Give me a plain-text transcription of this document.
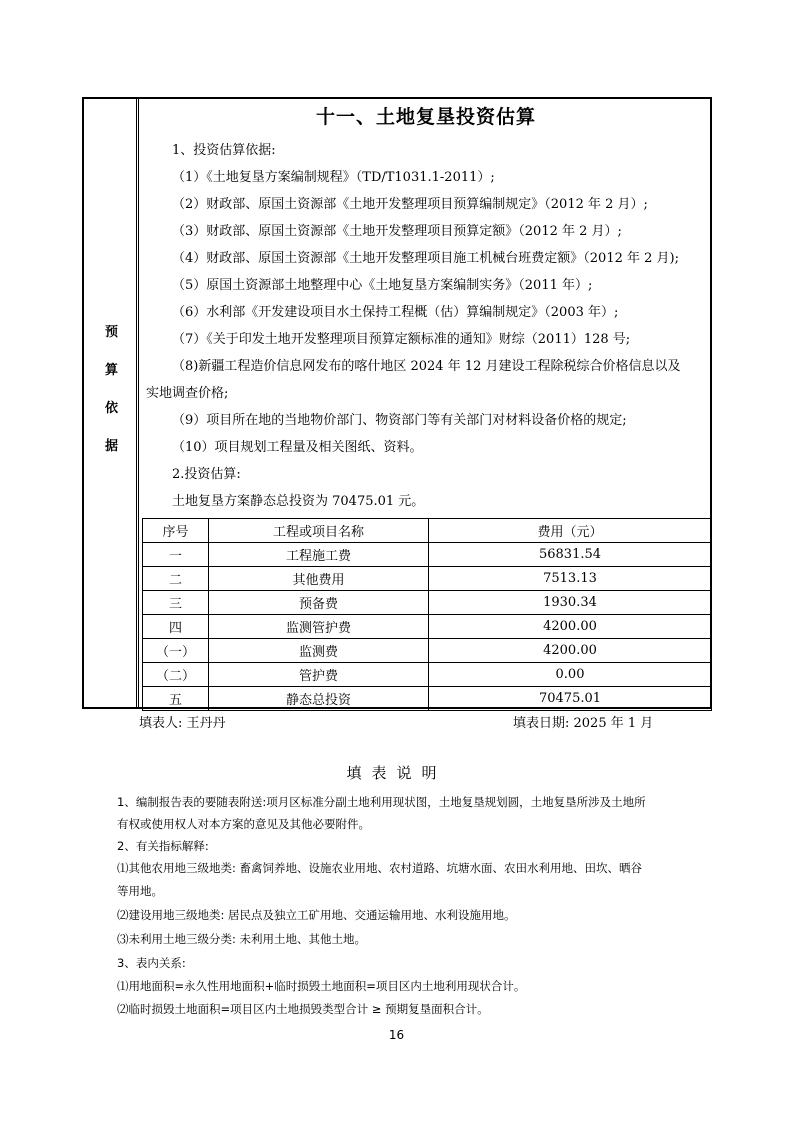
预
算
依
据
十一、土地复垦投资估算
1、投资估算依据:
（1）《土地复垦方案编制规程》（TD/T1031.1-2011）;
（2）财政部、原国土资源部《土地开发整理项目预算编制规定》（2012 年 2 月）;
（3）财政部、原国土资源部《土地开发整理项目预算定额》（2012 年 2 月）;
（4）财政部、原国土资源部《土地开发整理项目施工机械台班费定额》（2012 年 2 月);
（5）原国土资源部土地整理中心《土地复垦方案编制实务》（2011 年）;
（6）水利部《开发建设项目水土保持工程概（估）算编制规定》（2003 年）;
（7）《关于印发土地开发整理项目预算定额标准的通知》财综（2011）128 号;
（8)新疆工程造价信息网发布的喀什地区 2024 年 12 月建设工程除税综合价格信息以及
实地调查价格;
（9）项目所在地的当地物价部门、物资部门等有关部门对材料设备价格的规定;
（10）项目规划工程量及相关图纸、资料。
2.投资估算:
土地复垦方案静态总投资为 70475.01 元。
序号	工程或项目名称	费用（元）
一	工程施工费	56831.54
二	其他费用	7513.13
三	预备费	1930.34
四	监测管护费	4200.00
（一）	监测费	4200.00
（二）	管护费	0.00
五	静态总投资	70475.01
填表人: 王丹丹	填表日期: 2025 年 1 月
填表说明
1、编制报告表的要随表附送:项月区标准分副土地利用现状图，土地复垦规划圆，土地复垦所涉及土地所
有权或使用权人对本方案的意见及其他必要附件。
2、有关指标解释:
⑴其他农用地三级地类: 畜禽饲养地、设施农业用地、农村道路、坑塘水面、农田水利用地、田坎、晒谷
等用地。
⑵建设用地三级地类: 居民点及独立工矿用地、交通运输用地、水利设施用地。
⑶未利用土地三级分类: 未利用土地、其他土地。
3、表内关系:
⑴用地面积=永久性用地面积+临时损毁土地面积=项目区内土地利用现状合计。
⑵临时损毁土地面积=项目区内土地损毁类型合计 ≥ 预期复垦面积合计。
16
